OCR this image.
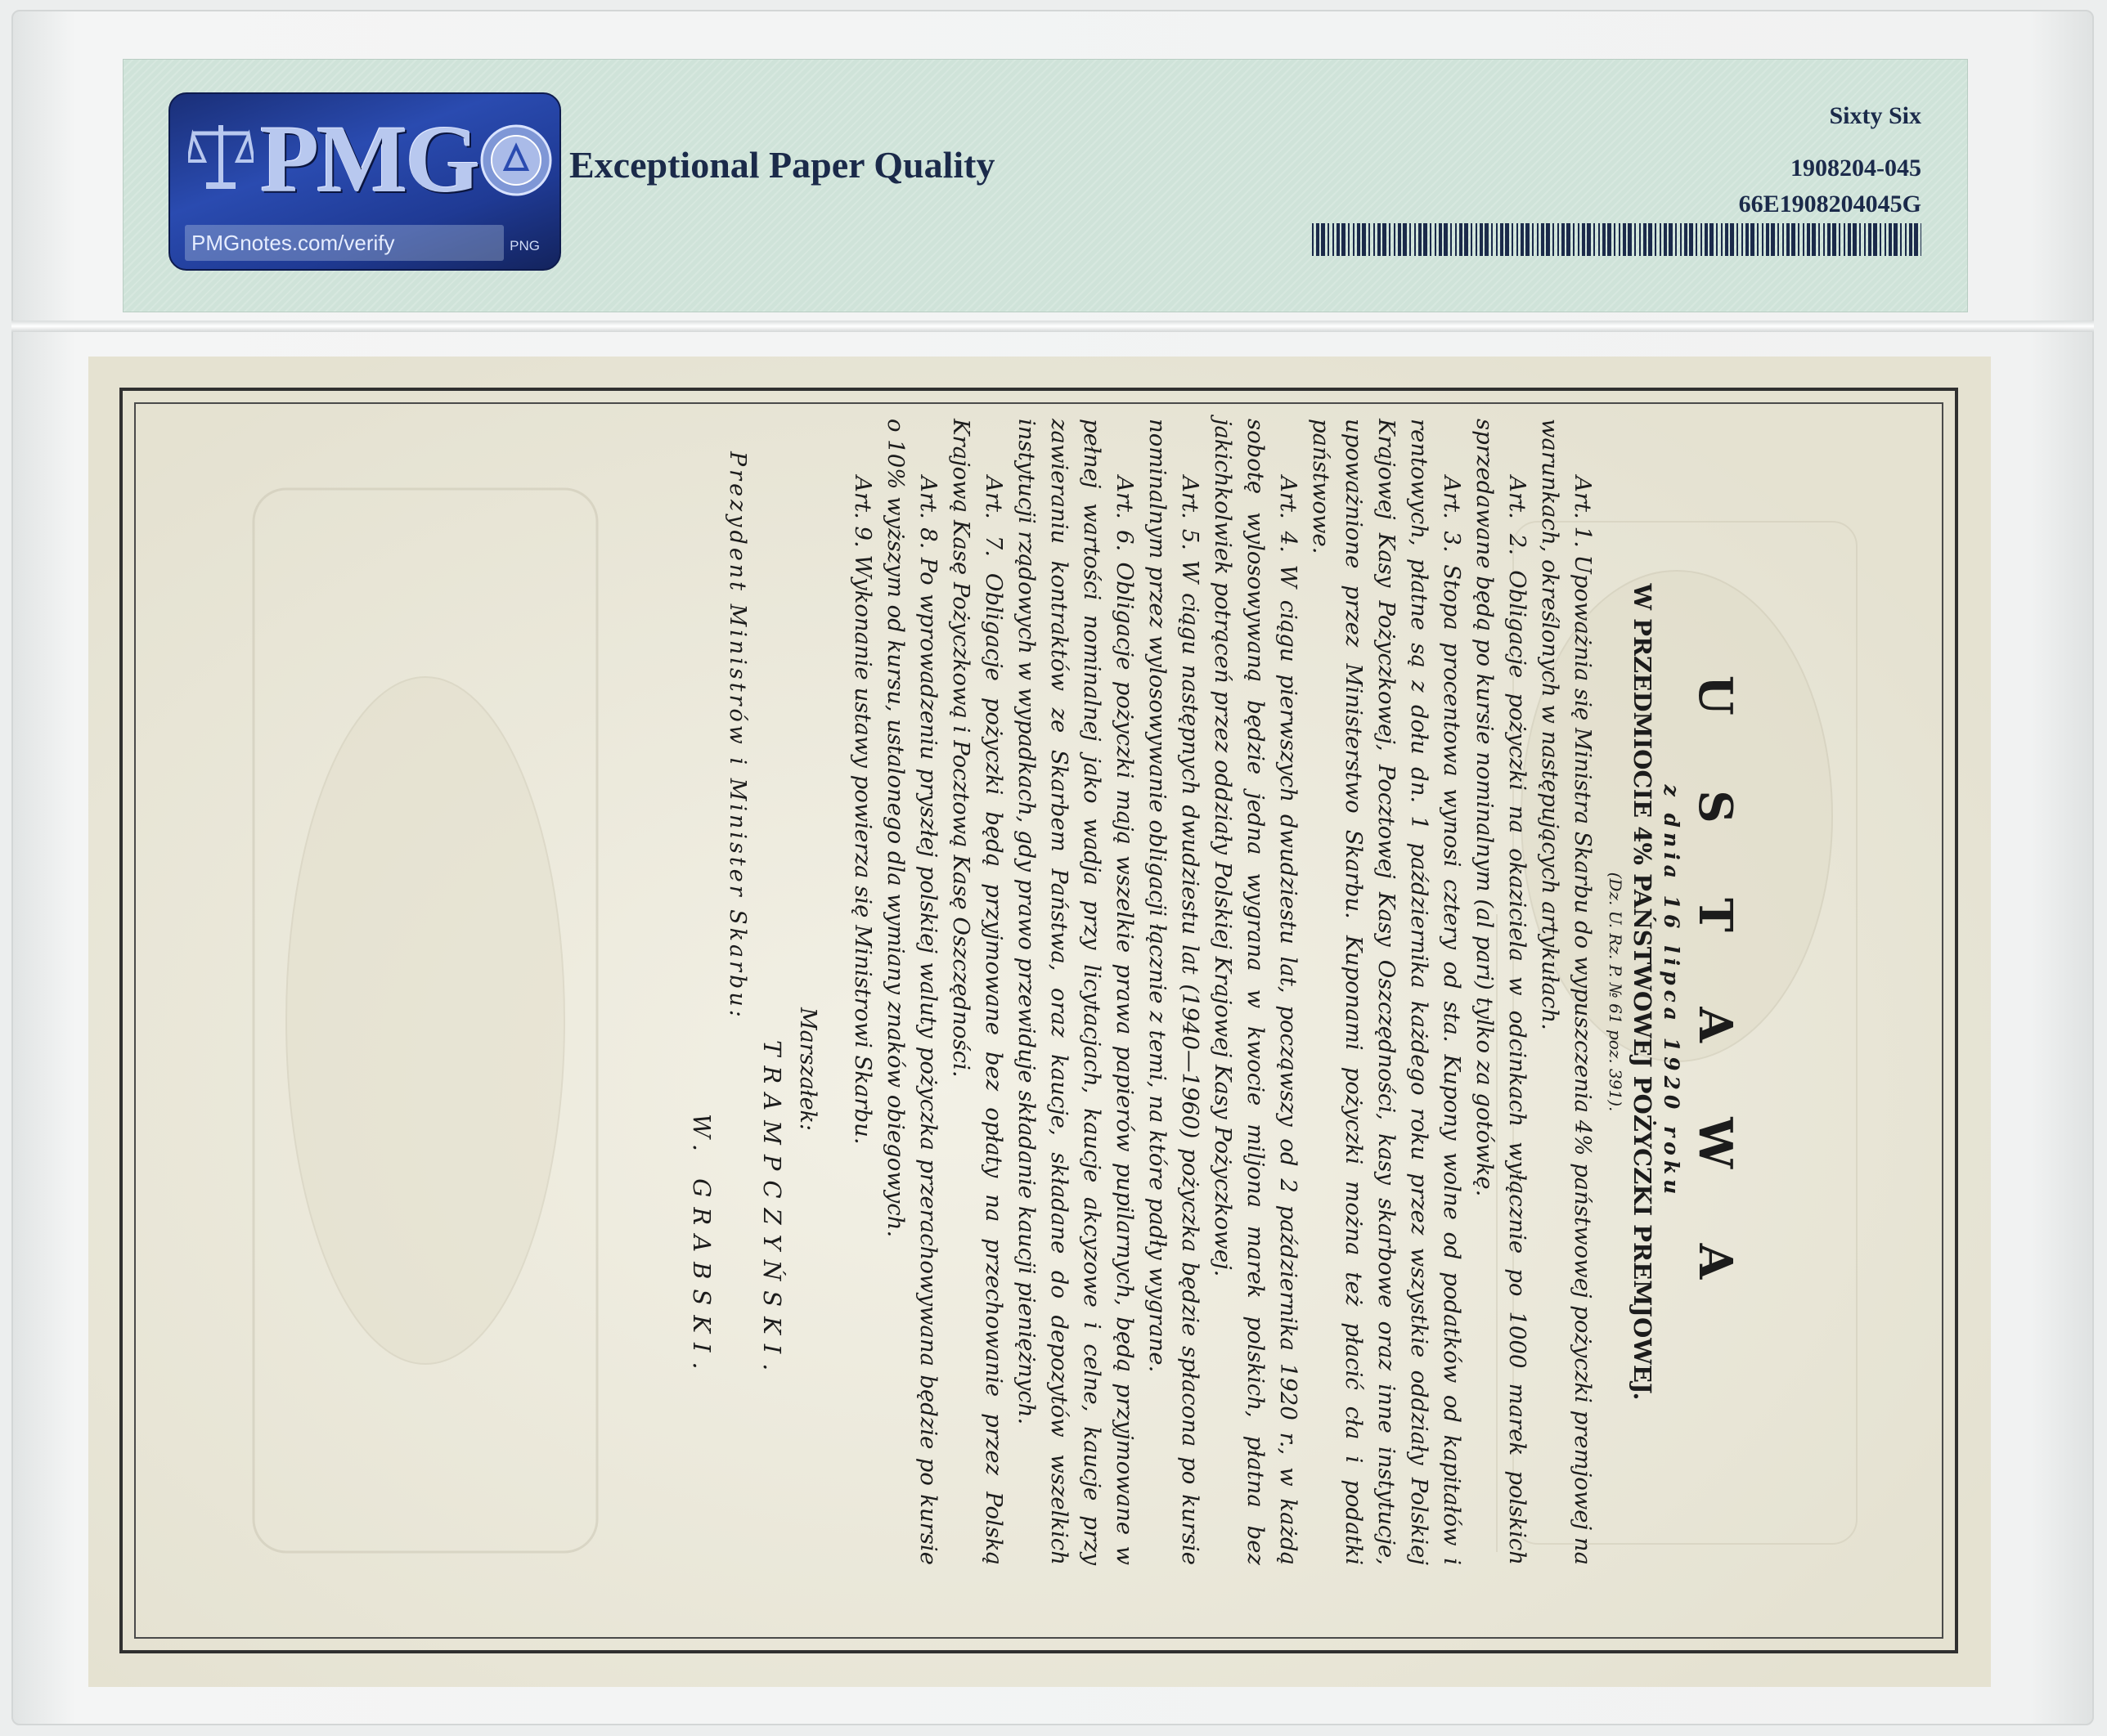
PMG
PMGnotes.com/verify	PNG
Exceptional Paper Quality
Sixty Six
1908204-045
66E1908204045G
U S T A W A
z dnia 16 lipca 1920 roku
W PRZEDMIOCIE 4% PAŃSTWOWEJ POŻYCZKI PREMJOWEJ.
(Dz. U. Rz. P. № 61 poz. 391).

Art. 1. Upoważnia się Ministra Skarbu do wypuszczenia 4% państwowej pożyczki premjowej na warunkach, określonych w następujących artykułach.

Art. 2. Obligacje pożyczki na okaziciela w odcinkach wyłącznie po 1000 marek polskich sprzedawane będą po kursie nominalnym (al pari) tylko za gotówkę.

Art. 3. Stopa procentowa wynosi cztery od sta. Kupony wolne od podatków od kapitałów i rentowych, płatne są z dołu dn. 1 października każdego roku przez wszystkie oddziały Polskiej Krajowej Kasy Pożyczkowej, Pocztowej Kasy Oszczędności, kasy skarbowe oraz inne instytucje, upoważnione przez Ministerstwo Skarbu. Kuponami pożyczki można też płacić cła i podatki państwowe.

Art. 4. W ciągu pierwszych dwudziestu lat, począwszy od 2 października 1920 r., w każdą sobotę wylosowywaną będzie jedna wygrana w kwocie miljona marek polskich, płatna bez jakichkolwiek potrąceń przez oddziały Polskiej Krajowej Kasy Pożyczkowej.

Art. 5. W ciągu następnych dwudziestu lat (1940—1960) pożyczka będzie spłacona po kursie nominalnym przez wylosowywanie obligacji łącznie z temi, na które padły wygrane.

Art. 6. Obligacje pożyczki mają wszelkie prawa papierów pupilarnych, będą przyjmowane w pełnej wartości nominalnej jako wadja przy licytacjach, kaucje akcyzowe i celne, kaucje przy zawieraniu kontraktów ze Skarbem Państwa, oraz kaucje, składane do depozytów wszelkich instytucji rządowych w wypadkach, gdy prawo przewiduje składanie kaucji pieniężnych.

Art. 7. Obligacje pożyczki będą przyjmowane bez opłaty na przechowanie przez Polską Krajową Kasę Pożyczkową i Pocztową Kasę Oszczędności.

Art. 8. Po wprowadzeniu pryszłej polskiej waluty pożyczka przerachowywana będzie po kursie o 10% wyższym od kursu, ustalonego dla wymiany znaków obiegowych.

Art. 9. Wykonanie ustawy powierza się Ministrowi Skarbu.

Marszałek:
TRAMPCZYŃSKI.
Prezydent Ministrów i Minister Skarbu:
W. GRABSKI.
